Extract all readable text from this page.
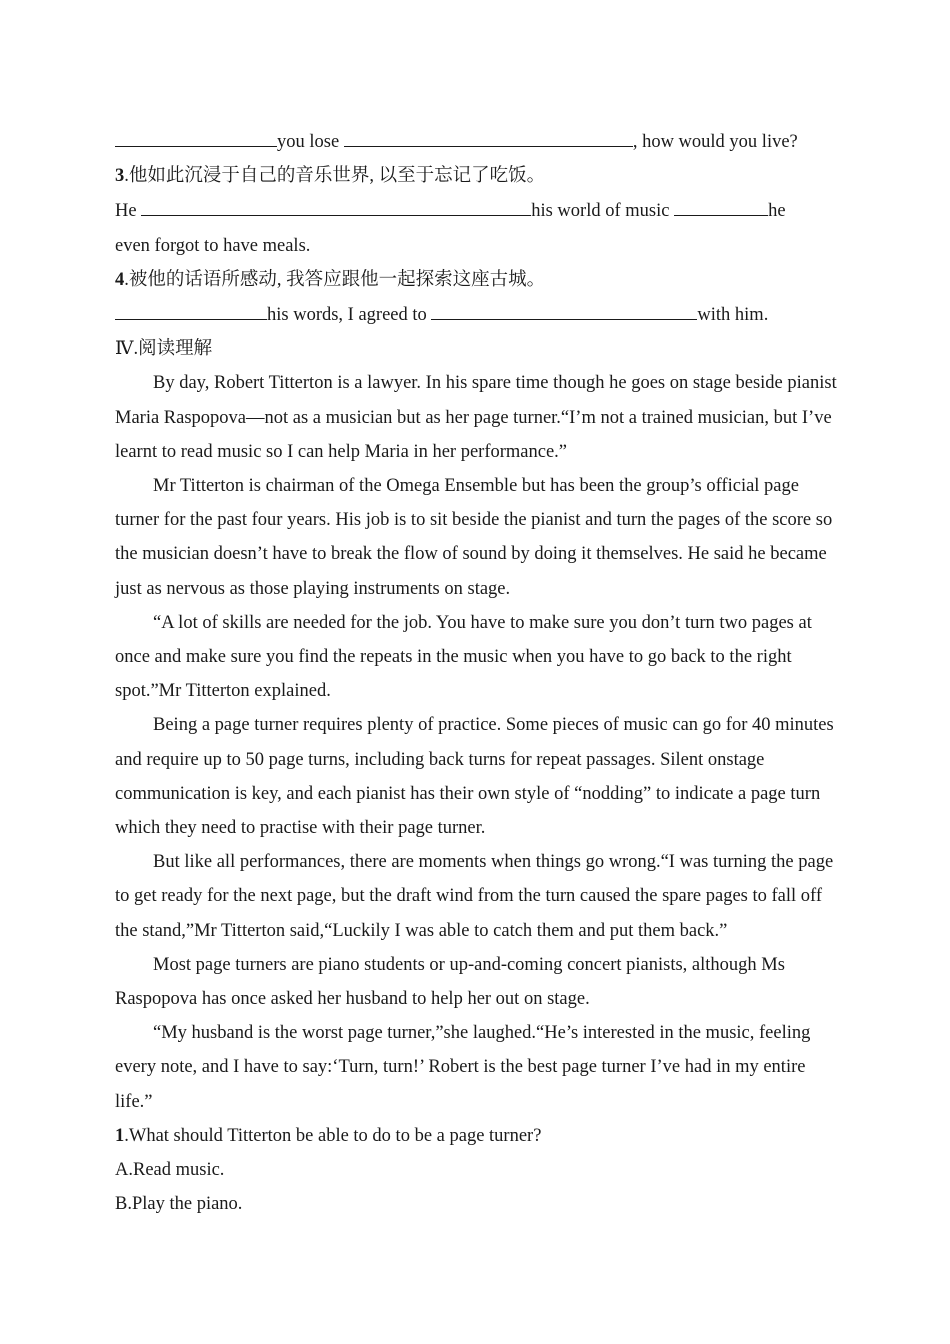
you lose	, how would you live?
3.他如此沉浸于自己的音乐世界, 以至于忘记了吃饭。
He	his world of music	he
even forgot to have meals.
4.被他的话语所感动, 我答应跟他一起探索这座古城。
his words, I agreed to	with him.
Ⅳ.阅读理解

By day, Robert Titterton is a lawyer. In his spare time though he goes on stage beside pianist Maria Raspopova—not as a musician but as her page turner.“I’m not a trained musician, but I’ve learnt to read music so I can help Maria in her performance.”

Mr Titterton is chairman of the Omega Ensemble but has been the group’s official page turner for the past four years. His job is to sit beside the pianist and turn the pages of the score so the musician doesn’t have to break the flow of sound by doing it themselves. He said he became just as nervous as those playing instruments on stage.

“A lot of skills are needed for the job. You have to make sure you don’t turn two pages at once and make sure you find the repeats in the music when you have to go back to the right spot.”Mr Titterton explained.

Being a page turner requires plenty of practice. Some pieces of music can go for 40 minutes and require up to 50 page turns, including back turns for repeat passages. Silent onstage communication is key, and each pianist has their own style of “nodding” to indicate a page turn which they need to practise with their page turner.

But like all performances, there are moments when things go wrong.“I was turning the page to get ready for the next page, but the draft wind from the turn caused the spare pages to fall off the stand,”Mr Titterton said,“Luckily I was able to catch them and put them back.”

Most page turners are piano students or up-and-coming concert pianists, although Ms Raspopova has once asked her husband to help her out on stage.

“My husband is the worst page turner,”she laughed.“He’s interested in the music, feeling every note, and I have to say:‘Turn, turn!’ Robert is the best page turner I’ve had in my entire life.”

1.What should Titterton be able to do to be a page turner?
A.Read music.
B.Play the piano.
